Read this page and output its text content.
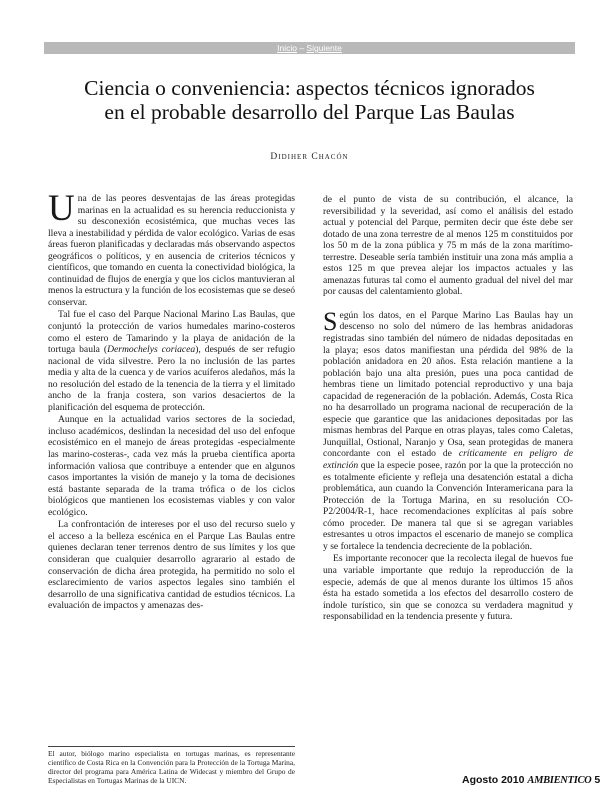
Inicio – Siguiente
Ciencia o conveniencia: aspectos técnicos ignorados
en el probable desarrollo del Parque Las Baulas
Didiher Chacón

Una de las peores desventajas de las áreas protegidas marinas en la actualidad es su herencia reduccionista y su desconexión ecosistémica, que muchas veces las lleva a inestabilidad y pérdida de valor ecológico. Varias de esas áreas fueron planificadas y declaradas más observando aspectos geográficos o políticos, y en ausencia de criterios técnicos y científicos, que tomando en cuenta la conectividad biológica, la continuidad de flujos de energía y que los ciclos mantuvieran al menos la estructura y la función de los ecosistemas que se deseó conservar.

Tal fue el caso del Parque Nacional Marino Las Baulas, que conjuntó la protección de varios humedales marino-costeros como el estero de Tamarindo y la playa de anidación de la tortuga baula (Dermochelys coriacea), después de ser refugio nacional de vida silvestre. Pero la no inclusión de las partes media y alta de la cuenca y de varios acuíferos aledaños, más la no resolución del estado de la tenencia de la tierra y el limitado ancho de la franja costera, son varios desaciertos de la planificación del esquema de protección.

Aunque en la actualidad varios sectores de la sociedad, incluso académicos, deslindan la necesidad del uso del enfoque ecosistémico en el manejo de áreas protegidas -especialmente las marino-costeras-, cada vez más la prueba científica aporta información valiosa que contribuye a entender que en algunos casos importantes la visión de manejo y la toma de decisiones está bastante separada de la trama trófica o de los ciclos biológicos que mantienen los ecosistemas viables y con valor ecológico.

La confrontación de intereses por el uso del recurso suelo y el acceso a la belleza escénica en el Parque Las Baulas entre quienes declaran tener terrenos dentro de sus límites y los que consideran que cualquier desarrollo agrarario al estado de conservación de dicha área protegida, ha permitido no solo el esclarecimiento de varios aspectos legales sino también el desarrollo de una significativa cantidad de estudios técnicos. La evaluación de impactos y amenazas des-

de el punto de vista de su contribución, el alcance, la reversibilidad y la severidad, así como el análisis del estado actual y potencial del Parque, permiten decir que éste debe ser dotado de una zona terrestre de al menos 125 m constituidos por los 50 m de la zona pública y 75 m más de la zona marítimo-terrestre. Deseable sería también instituir una zona más amplia a estos 125 m que prevea alejar los impactos actuales y las amenazas futuras tal como el aumento gradual del nivel del mar por causas del calentamiento global.

Según los datos, en el Parque Marino Las Baulas hay un descenso no solo del número de las hembras anidadoras registradas sino también del número de nidadas depositadas en la playa; esos datos manifiestan una pérdida del 98% de la población anidadora en 20 años. Esta relación mantiene a la población bajo una alta presión, pues una poca cantidad de hembras tiene un limitado potencial reproductivo y una baja capacidad de regeneración de la población. Además, Costa Rica no ha desarrollado un programa nacional de recuperación de la especie que garantice que las anidaciones depositadas por las mismas hembras del Parque en otras playas, tales como Caletas, Junquillal, Ostional, Naranjo y Osa, sean protegidas de manera concordante con el estado de críticamente en peligro de extinción que la especie posee, razón por la que la protección no es totalmente eficiente y refleja una desatención estatal a dicha problemática, aun cuando la Convención Interamericana para la Protección de la Tortuga Marina, en su resolución CO-P2/2004/R-1, hace recomendaciones explícitas al país sobre cómo proceder. De manera tal que si se agregan variables estresantes u otros impactos el escenario de manejo se complica y se fortalece la tendencia decreciente de la población.

Es importante reconocer que la recolecta ilegal de huevos fue una variable importante que redujo la reproducción de la especie, además de que al menos durante los últimos 15 años ésta ha estado sometida a los efectos del desarrollo costero de índole turístico, sin que se conozca su verdadera magnitud y responsabilidad en la tendencia presente y futura.

El autor, biólogo marino especialista en tortugas marinas, es representante científico de Costa Rica en la Convención para la Protección de la Tortuga Marina, director del programa para América Latina de Widecast y miembro del Grupo de Especialistas en Tortugas Marinas de la UICN.	Agosto 2010 AMBIENTICO 5
